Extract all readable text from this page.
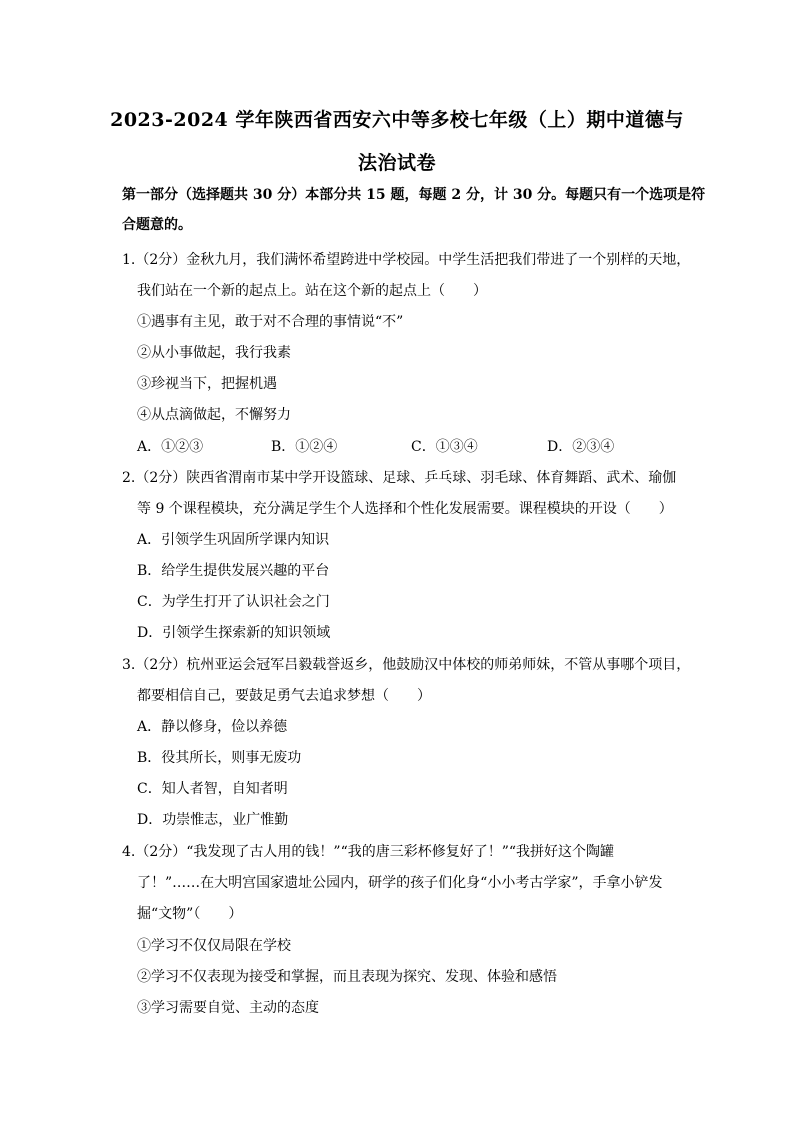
2023-2024 学年陕西省西安六中等多校七年级（上）期中道德与
法治试卷
第一部分（选择题共 30 分）本部分共 15 题，每题 2 分，计 30 分。每题只有一个选项是符
合题意的。
1.（2分）金秋九月，我们满怀希望跨进中学校园。中学生活把我们带进了一个别样的天地，
我们站在一个新的起点上。站在这个新的起点上（　　）
①遇事有主见，敢于对不合理的事情说“不”
②从小事做起，我行我素
③珍视当下，把握机遇
④从点滴做起，不懈努力
A．①②③	B．①②④	C．①③④	D．②③④
2.（2分）陕西省渭南市某中学开设篮球、足球、乒乓球、羽毛球、体育舞蹈、武术、瑜伽
等 9 个课程模块，充分满足学生个人选择和个性化发展需要。课程模块的开设（　　）
A．引领学生巩固所学课内知识
B．给学生提供发展兴趣的平台
C．为学生打开了认识社会之门
D．引领学生探索新的知识领域
3.（2分）杭州亚运会冠军吕毅载誉返乡，他鼓励汉中体校的师弟师妹，不管从事哪个项目，
都要相信自己，要鼓足勇气去追求梦想（　　）
A．静以修身，俭以养德
B．役其所长，则事无废功
C．知人者智，自知者明
D．功崇惟志，业广惟勤
4.（2分）“我发现了古人用的钱！”“我的唐三彩杯修复好了！”“我拼好这个陶罐
了！”……在大明宫国家遗址公园内，研学的孩子们化身“小小考古学家”，手拿小铲发
掘“文物”（　　）
①学习不仅仅局限在学校
②学习不仅表现为接受和掌握，而且表现为探究、发现、体验和感悟
③学习需要自觉、主动的态度
